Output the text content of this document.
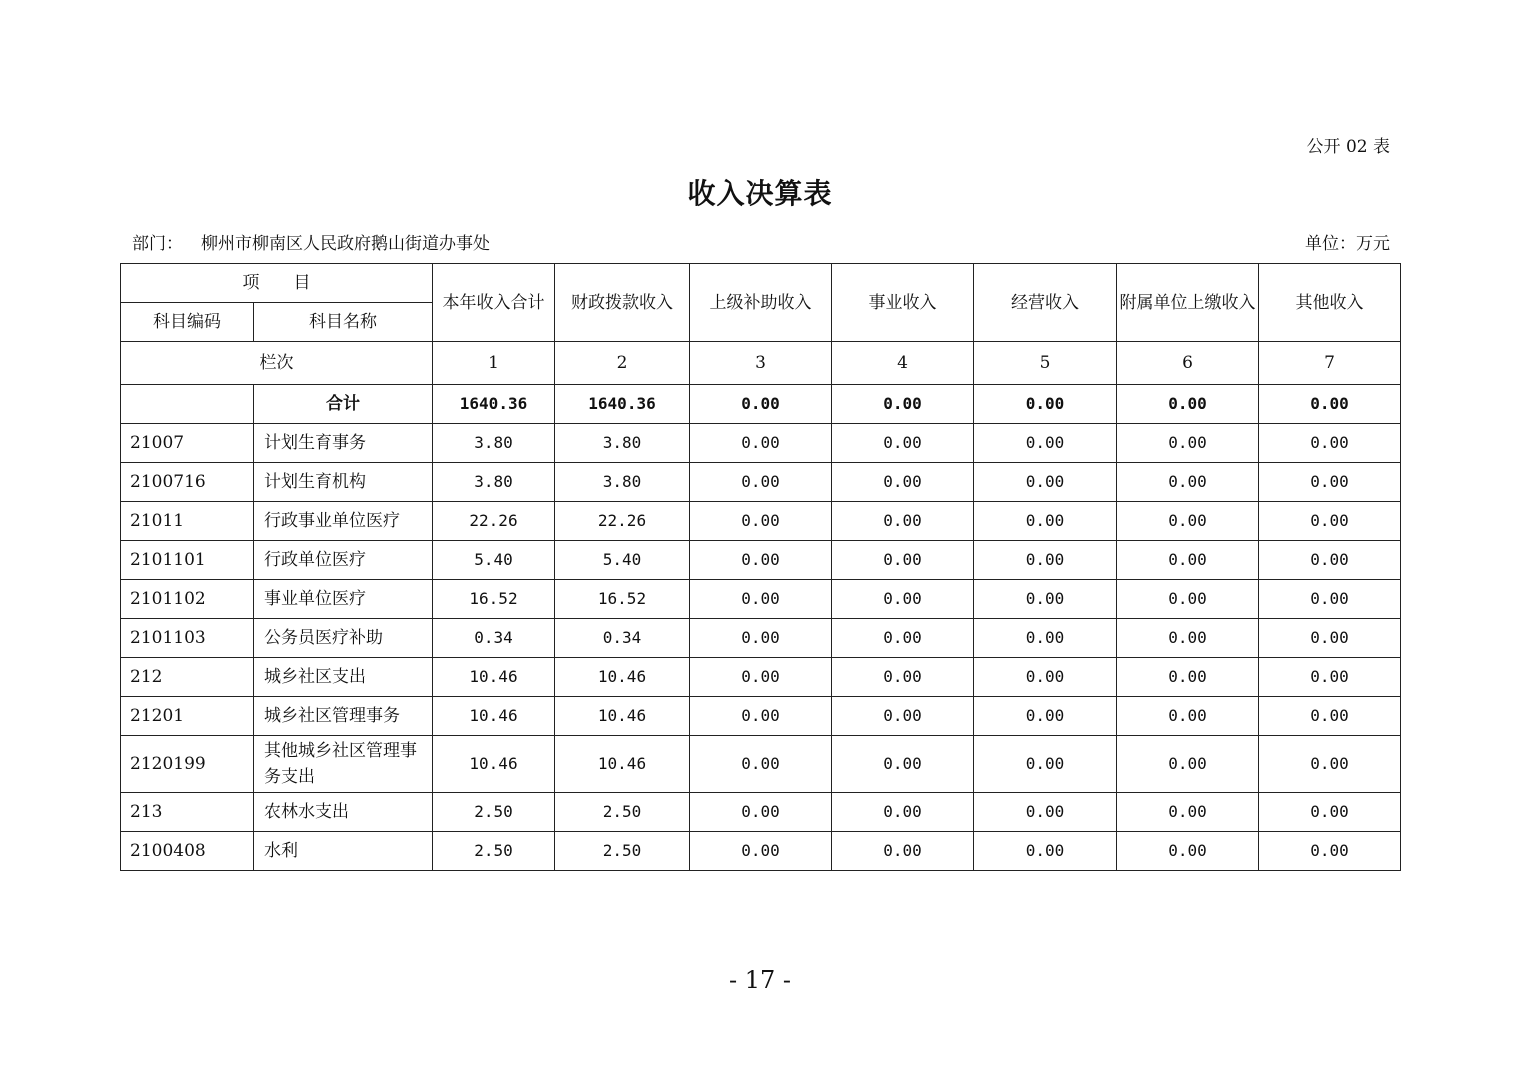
公开 02 表
收入决算表
部门： 柳州市柳南区人民政府鹅山街道办事处	单位：万元
项　　目		本年收入合计	财政拨款收入	上级补助收入	事业收入	经营收入	附属单位上缴收入	其他收入
科目编码	科目名称							
栏次		1	2	3	4	5	6	7
	合计	1640.36	1640.36	0.00	0.00	0.00	0.00	0.00
21007	计划生育事务	3.80	3.80	0.00	0.00	0.00	0.00	0.00
2100716	计划生育机构	3.80	3.80	0.00	0.00	0.00	0.00	0.00
21011	行政事业单位医疗	22.26	22.26	0.00	0.00	0.00	0.00	0.00
2101101	行政单位医疗	5.40	5.40	0.00	0.00	0.00	0.00	0.00
2101102	事业单位医疗	16.52	16.52	0.00	0.00	0.00	0.00	0.00
2101103	公务员医疗补助	0.34	0.34	0.00	0.00	0.00	0.00	0.00
212	城乡社区支出	10.46	10.46	0.00	0.00	0.00	0.00	0.00
21201	城乡社区管理事务	10.46	10.46	0.00	0.00	0.00	0.00	0.00
2120199	其他城乡社区管理事务支出	10.46	10.46	0.00	0.00	0.00	0.00	0.00
213	农林水支出	2.50	2.50	0.00	0.00	0.00	0.00	0.00
2100408	水利	2.50	2.50	0.00	0.00	0.00	0.00	0.00
- 17 -
